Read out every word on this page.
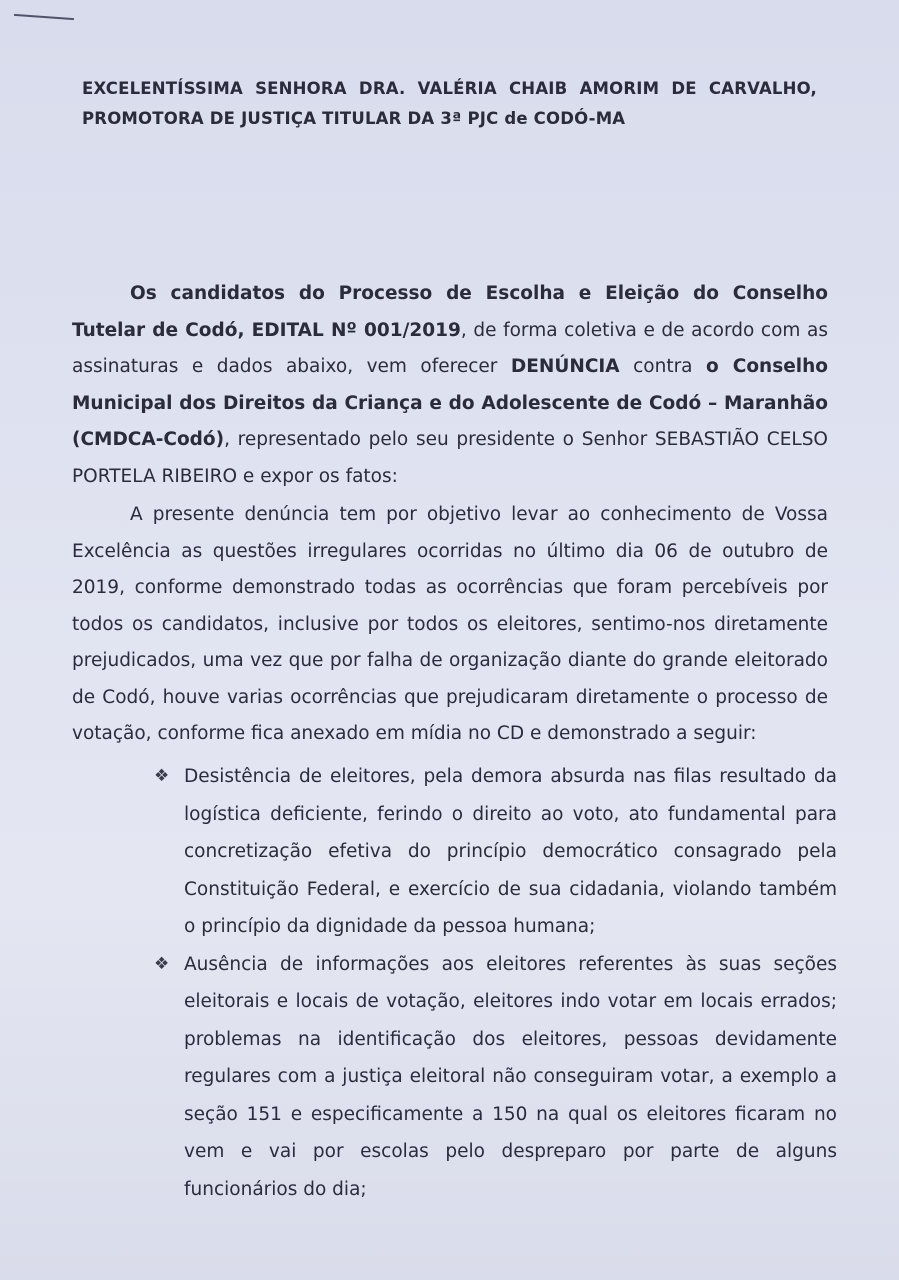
EXCELENTÍSSIMA SENHORA DRA. VALÉRIA CHAIB AMORIM DE CARVALHO,
PROMOTORA DE JUSTIÇA TITULAR DA 3ª PJC de CODÓ-MA

Os candidatos do Processo de Escolha e Eleição do Conselho Tutelar de Codó, EDITAL Nº 001/2019, de forma coletiva e de acordo com as assinaturas e dados abaixo, vem oferecer DENÚNCIA contra o Conselho Municipal dos Direitos da Criança e do Adolescente de Codó – Maranhão (CMDCA-Codó), representado pelo seu presidente o Senhor SEBASTIÃO CELSO PORTELA RIBEIRO e expor os fatos:

A presente denúncia tem por objetivo levar ao conhecimento de Vossa Excelência as questões irregulares ocorridas no último dia 06 de outubro de 2019, conforme demonstrado todas as ocorrências que foram percebíveis por todos os candidatos, inclusive por todos os eleitores, sentimo-nos diretamente prejudicados, uma vez que por falha de organização diante do grande eleitorado de Codó, houve varias ocorrências que prejudicaram diretamente o processo de votação, conforme fica anexado em mídia no CD e demonstrado a seguir:

❖ Desistência de eleitores, pela demora absurda nas filas resultado da logística deficiente, ferindo o direito ao voto, ato fundamental para concretização efetiva do princípio democrático consagrado pela Constituição Federal, e exercício de sua cidadania, violando também o princípio da dignidade da pessoa humana;
❖ Ausência de informações aos eleitores referentes às suas seções eleitorais e locais de votação, eleitores indo votar em locais errados; problemas na identificação dos eleitores, pessoas devidamente regulares com a justiça eleitoral não conseguiram votar, a exemplo a seção 151 e especificamente a 150 na qual os eleitores ficaram no vem e vai por escolas pelo despreparo por parte de alguns funcionários do dia;
